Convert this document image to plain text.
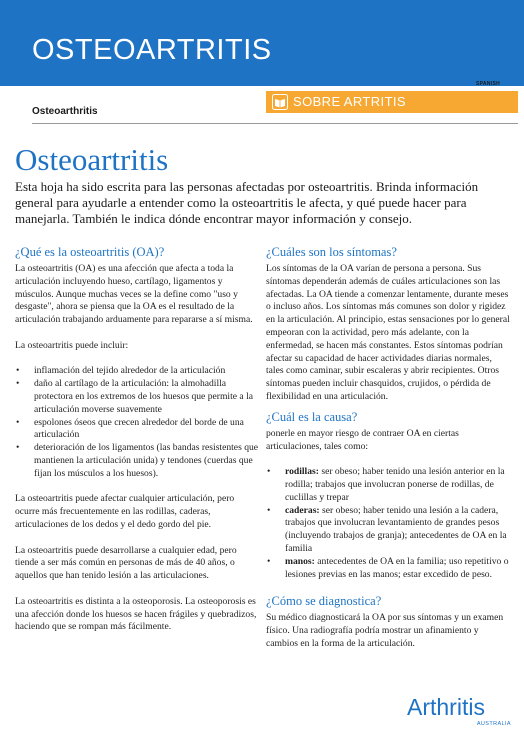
OSTEOARTRITIS
SPANISH
SOBRE ARTRITIS
Osteoarthritis
Osteoartritis
Esta hoja ha sido escrita para las personas afectadas por osteoartritis. Brinda información general para ayudarle a entender como la osteoartritis le afecta, y qué puede hacer para manejarla. También le indica dónde encontrar mayor información y consejo.
¿Qué es la osteoartritis (OA)?
La osteoartritis (OA) es una afección que afecta a toda la articulación incluyendo hueso, cartílago, ligamentos y músculos. Aunque muchas veces se la define como "uso y desgaste", ahora se piensa que la OA es el resultado de la articulación trabajando arduamente para repararse a sí misma.
La osteoartritis puede incluir:
• inflamación del tejido alrededor de la articulación
• daño al cartílago de la articulación: la almohadilla protectora en los extremos de los huesos que permite a la articulación moverse suavemente
• espolones óseos que crecen alrededor del borde de una articulación
• deterioración de los ligamentos (las bandas resistentes que mantienen la articulación unida) y tendones (cuerdas que fijan los músculos a los huesos).
La osteoartritis puede afectar cualquier articulación, pero ocurre más frecuentemente en las rodillas, caderas, articulaciones de los dedos y el dedo gordo del pie.
La osteoartritis puede desarrollarse a cualquier edad, pero tiende a ser más común en personas de más de 40 años, o aquellos que han tenido lesión a las articulaciones.
La osteoartritis es distinta a la osteoporosis. La osteoporosis es una afección donde los huesos se hacen frágiles y quebradizos, haciendo que se rompan más fácilmente.
¿Cuáles son los síntomas?
Los síntomas de la OA varían de persona a persona. Sus síntomas dependerán además de cuáles articulaciones son las afectadas. La OA tiende a comenzar lentamente, durante meses o incluso años. Los síntomas más comunes son dolor y rigidez en la articulación. Al principio, estas sensaciones por lo general empeoran con la actividad, pero más adelante, con la enfermedad, se hacen más constantes. Estos síntomas podrían afectar su capacidad de hacer actividades diarias normales, tales como caminar, subir escaleras y abrir recipientes. Otros síntomas pueden incluir chasquidos, crujidos, o pérdida de flexibilidad en una articulación.
¿Cuál es la causa?
ponerle en mayor riesgo de contraer OA en ciertas articulaciones, tales como:
• rodillas: ser obeso; haber tenido una lesión anterior en la rodilla; trabajos que involucran ponerse de rodillas, de cuclillas y trepar
• caderas: ser obeso; haber tenido una lesión a la cadera, trabajos que involucran levantamiento de grandes pesos (incluyendo trabajos de granja); antecedentes de OA en la familia
• manos: antecedentes de OA en la familia; uso repetitivo o lesiones previas en las manos; estar excedido de peso.
¿Cómo se diagnostica?
Su médico diagnosticará la OA por sus síntomas y un examen físico. Una radiografía podría mostrar un afinamiento y cambios en la forma de la articulación.
Arthritis
AUSTRALIA
